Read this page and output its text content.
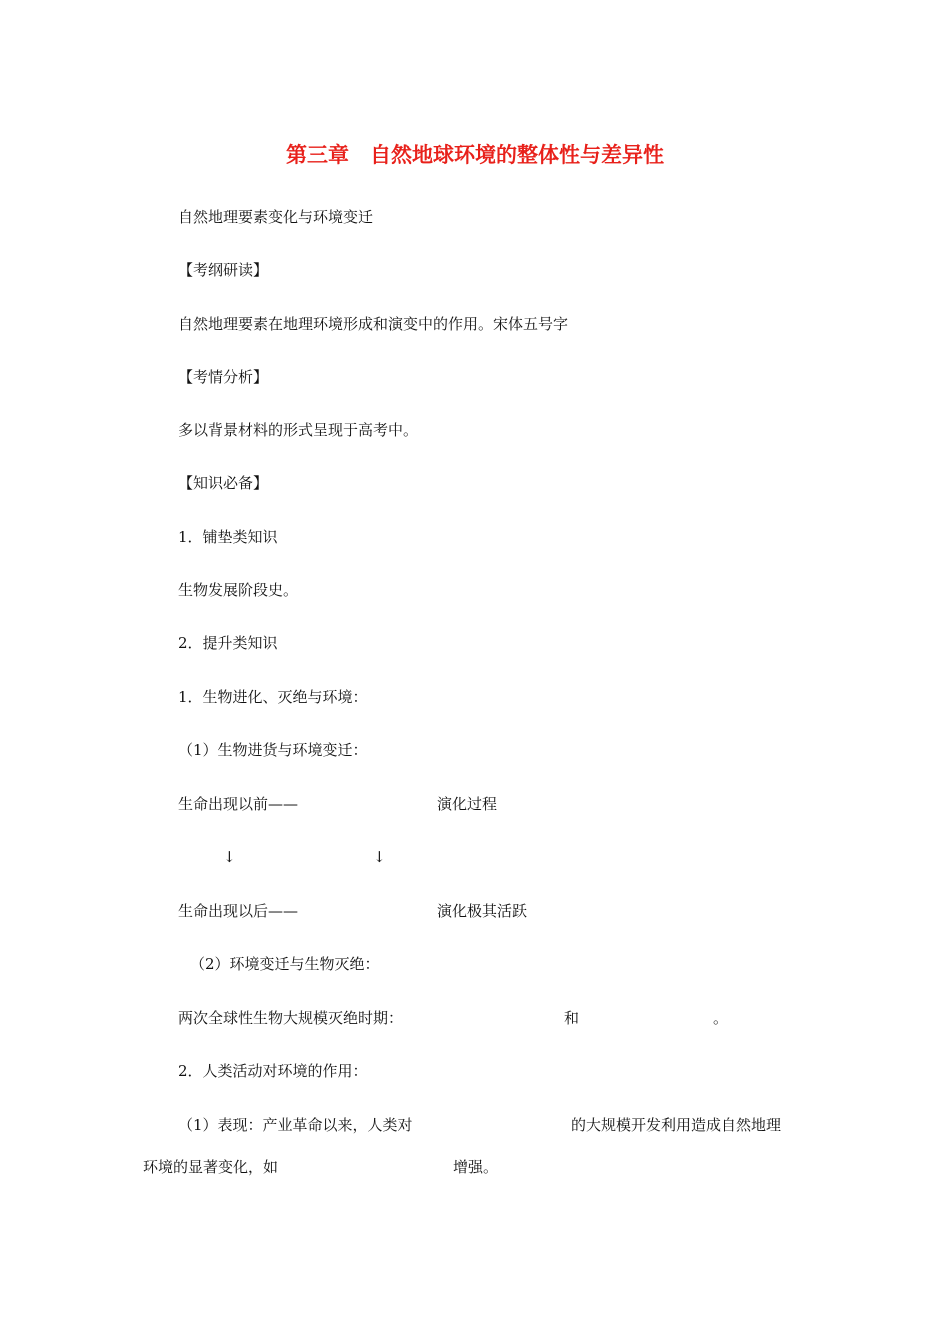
第三章　自然地球环境的整体性与差异性
自然地理要素变化与环境变迁
【考纲研读】
自然地理要素在地理环境形成和演变中的作用。宋体五号字
【考情分析】
多以背景材料的形式呈现于高考中。
【知识必备】
1．铺垫类知识
生物发展阶段史。
2．提升类知识
1．生物进化、灭绝与环境：
（1）生物进货与环境变迁：
生命出现以前——	演化过程
↓	↓
生命出现以后——	演化极其活跃
（2）环境变迁与生物灭绝：
两次全球性生物大规模灭绝时期：	和	。
2．人类活动对环境的作用：
（1）表现：产业革命以来，人类对	的大规模开发利用造成自然地理
环境的显著变化，如	增强。
